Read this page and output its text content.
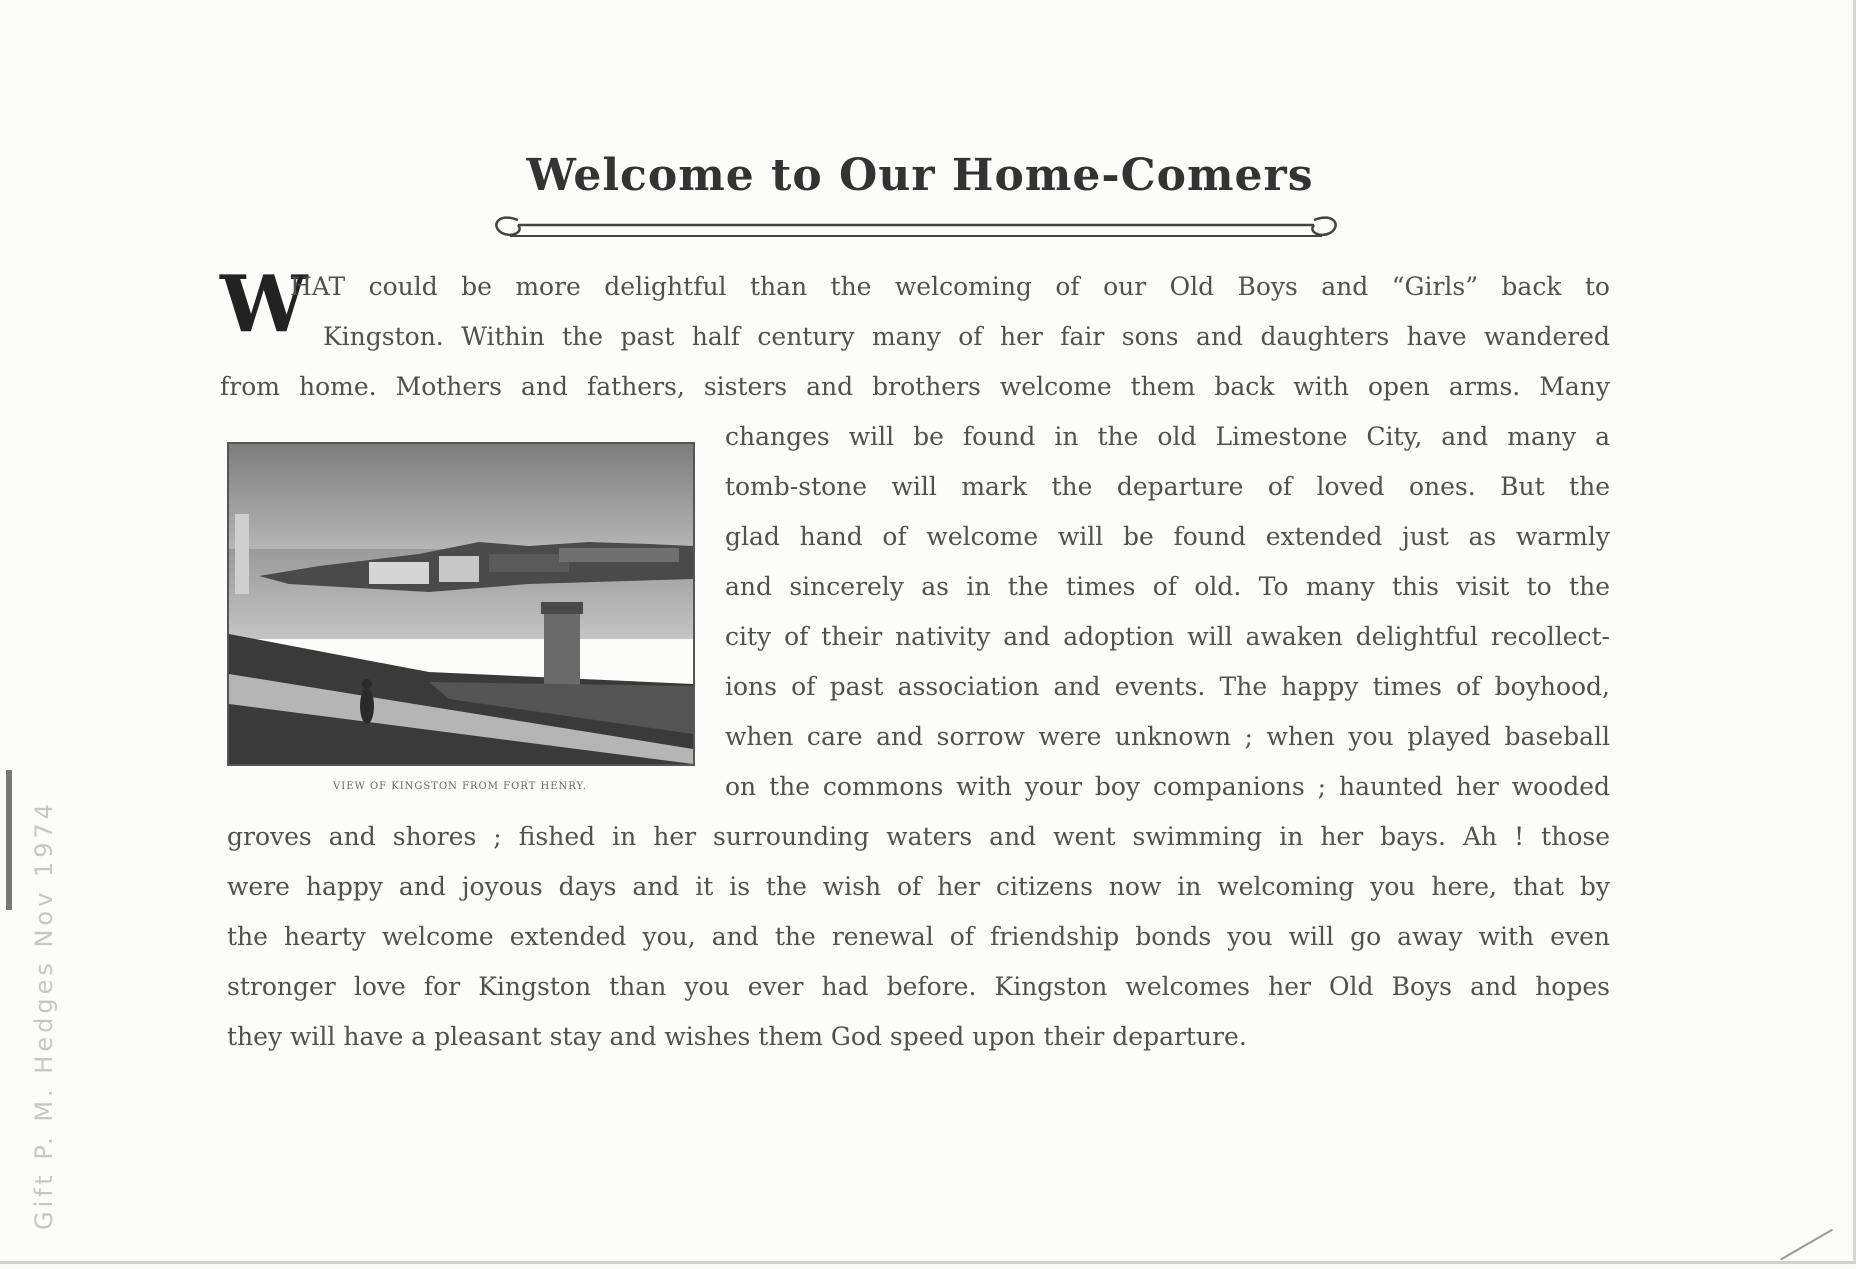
Gift P. M. Hedges Nov 1974
Welcome to Our Home-Comers
W

HAT could be more delightful than the welcoming of our Old Boys and “Girls” back to

Kingston. Within the past half century many of her fair sons and daughters have wandered

from home. Mothers and fathers, sisters and brothers welcome them back with open arms. Many

VIEW OF KINGSTON FROM FORT HENRY.

changes will be found in the old Limestone City, and many a

tomb-stone will mark the departure of loved ones. But the

glad hand of welcome will be found extended just as warmly

and sincerely as in the times of old. To many this visit to the

city of their nativity and adoption will awaken delightful recollect-

ions of past association and events. The happy times of boyhood,

when care and sorrow were unknown ; when you played baseball

on the commons with your boy companions ; haunted her wooded

groves and shores ; fished in her surrounding waters and went swimming in her bays. Ah ! those

were happy and joyous days and it is the wish of her citizens now in welcoming you here, that by

the hearty welcome extended you, and the renewal of friendship bonds you will go away with even

stronger love for Kingston than you ever had before. Kingston welcomes her Old Boys and hopes

they will have a pleasant stay and wishes them God speed upon their departure.
